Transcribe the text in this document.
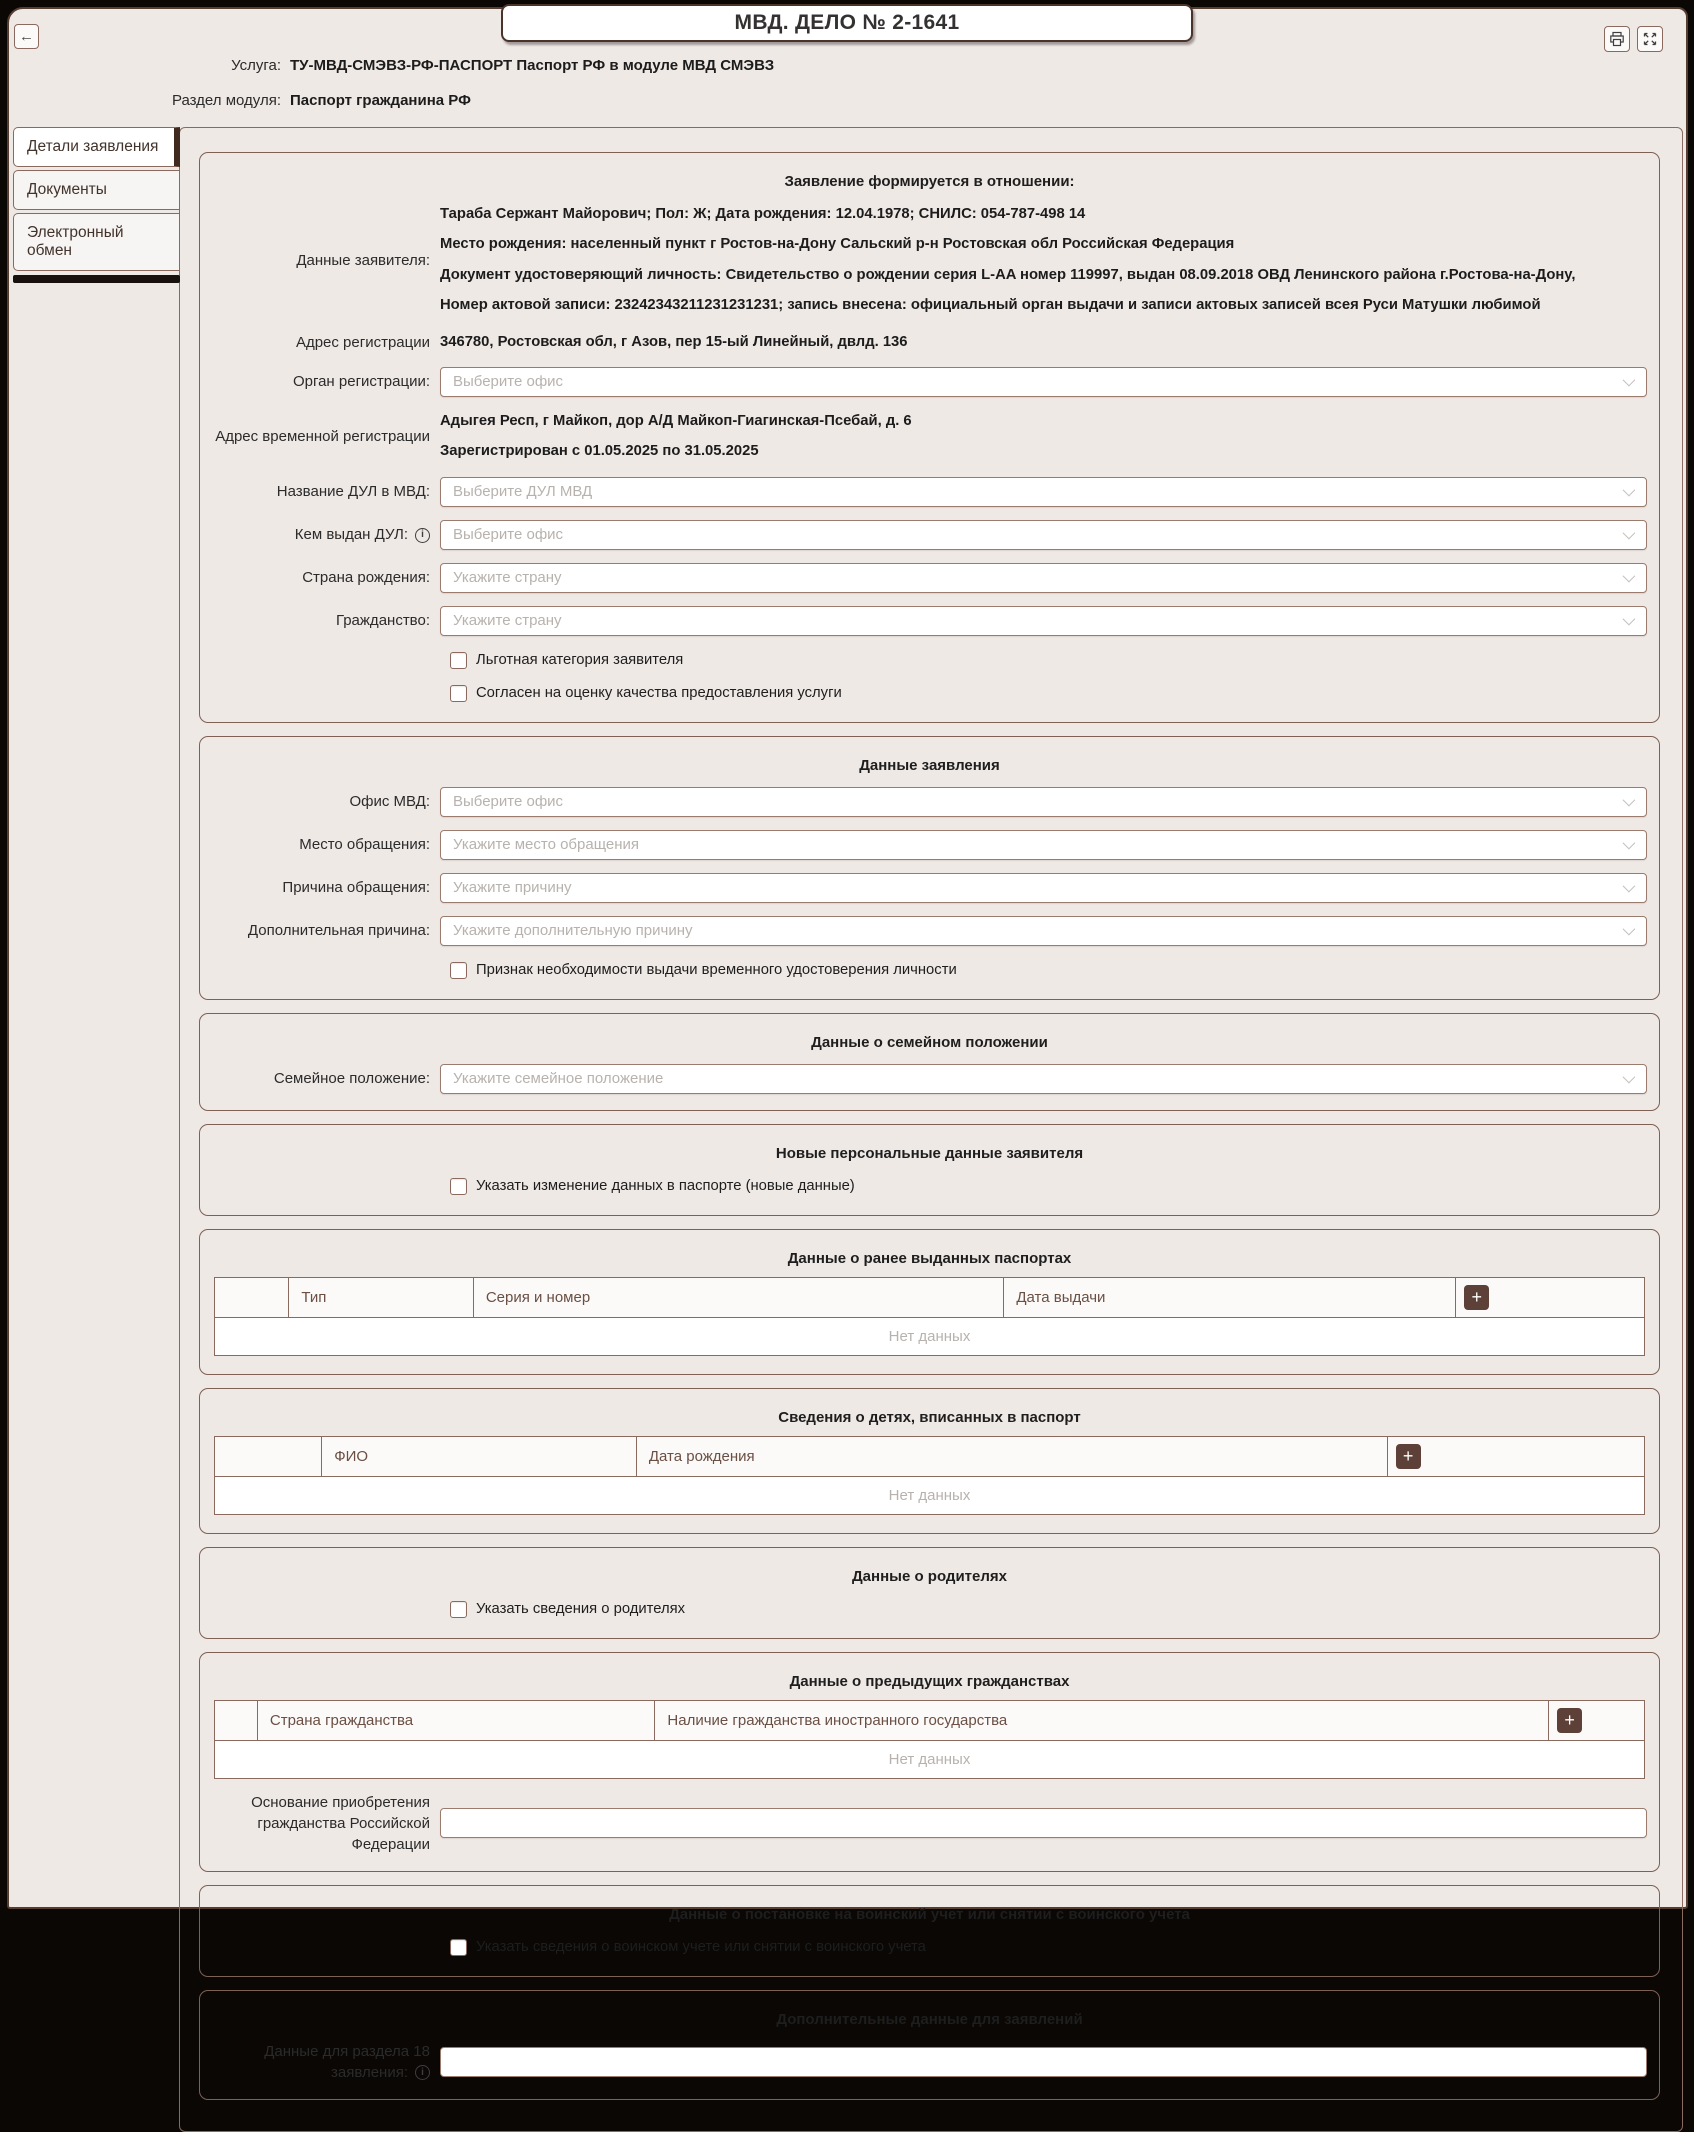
МВД. ДЕЛО № 2-1641
←
Услуга: ТУ-МВД-СМЭВЗ-РФ-ПАСПОРТ Паспорт РФ в модуле МВД СМЭВЗ
Раздел модуля: Паспорт гражданина РФ
Детали заявления
Документы
Электронный обмен
Заявление формируется в отношении:
Данные заявителя:
Тараба Сержант Майорович; Пол: Ж; Дата рождения: 12.04.1978; СНИЛС: 054-787-498 14
Место рождения: населенный пункт г Ростов-на-Дону Сальский р-н Ростовская обл Российская Федерация
Документ удостоверяющий личность: Свидетельство о рождении серия L-AA номер 119997, выдан 08.09.2018 ОВД Ленинского района г.Ростова-на-Дону,
Номер актовой записи: 23242343211231231231; запись внесена: официальный орган выдачи и записи актовых записей всея Руси Матушки любимой
Адрес регистрации 346780, Ростовская обл, г Азов, пер 15-ый Линейный, двлд. 136
Орган регистрации:	Выберите офис
Адрес временной регистрации
Адыгея Респ, г Майкоп, дор А/Д Майкоп-Гиагинская-Псебай, д. 6
Зарегистрирован с 01.05.2025 по 31.05.2025
Название ДУЛ в МВД:	Выберите ДУЛ МВД
Кем выдан ДУЛ: i	Выберите офис
Страна рождения:	Укажите страну
Гражданство:	Укажите страну
Льготная категория заявителя
Согласен на оценку качества предоставления услуги
Данные заявления
Офис МВД:	Выберите офис
Место обращения:	Укажите место обращения
Причина обращения:	Укажите причину
Дополнительная причина:	Укажите дополнительную причину
Признак необходимости выдачи временного удостоверения личности
Данные о семейном положении
Семейное положение:	Укажите семейное положение
Новые персональные данные заявителя
Указать изменение данных в паспорте (новые данные)
Данные о ранее выданных паспортах
	Тип	Серия и номер	Дата выдачи	+

Нет данных
Сведения о детях, вписанных в паспорт
	ФИО	Дата рождения	+

Нет данных
Данные о родителях
Указать сведения о родителях
Данные о предыдущих гражданствах
	Страна гражданства	Наличие гражданства иностранного государства	+

Нет данных
Основание приобретения гражданства Российской Федерации
Данные о постановке на воинский учет или снятии с воинского учета
Указать сведения о воинском учете или снятии с воинского учета
Дополнительные данные для заявлений
Данные для раздела 18
заявления: i
